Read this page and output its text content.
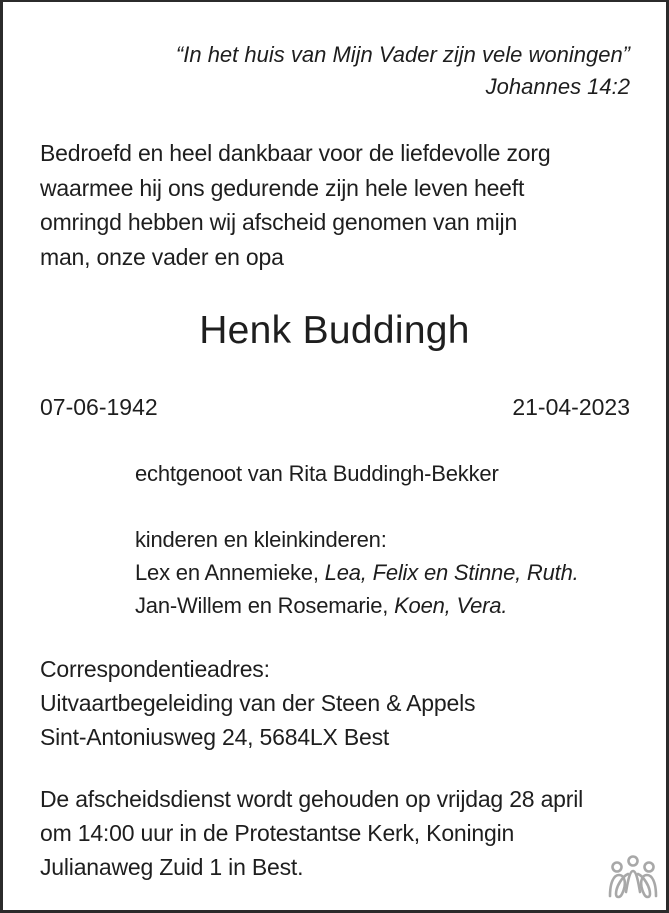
“In het huis van Mijn Vader zijn vele woningen”

Johannes 14:2

Bedroefd en heel dankbaar voor de liefdevolle zorg
waarmee hij ons gedurende zijn hele leven heeft
omringd hebben wij afscheid genomen van mijn
man, onze vader en opa
Henk Buddingh
07-06-1942	21-04-2023
echtgenoot van Rita Buddingh-Bekker
kinderen en kleinkinderen:
Lex en Annemieke, Lea, Felix en Stinne, Ruth.
Jan-Willem en Rosemarie, Koen, Vera.
Correspondentieadres:
Uitvaartbegeleiding van der Steen & Appels
Sint-Antoniusweg 24, 5684LX Best
De afscheidsdienst wordt gehouden op vrijdag 28 april
om 14:00 uur in de Protestantse Kerk, Koningin
Julianaweg Zuid 1 in Best.
